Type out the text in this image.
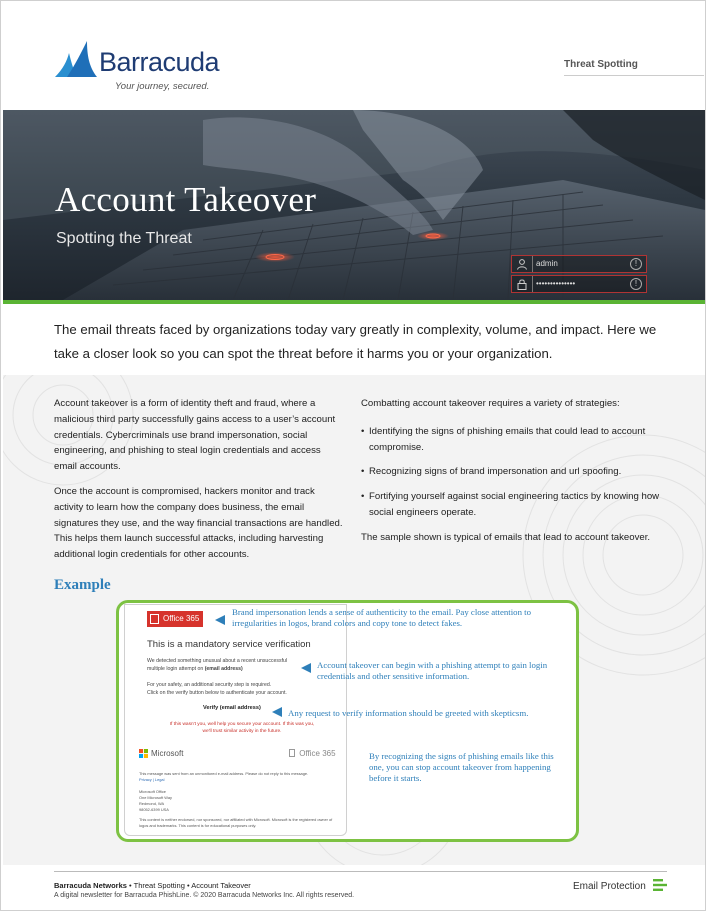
Barracuda
Your journey, secured.
Threat Spotting
Account Takeover
Spotting the Threat
admin	!
••••••••••••••	!
The email threats faced by organizations today vary greatly in complexity, volume, and impact. Here we take a closer look so you can spot the threat before it harms you or your organization.

Account takeover is a form of identity theft and fraud, where a malicious third party successfully gains access to a user’s account credentials. Cybercriminals use brand impersonation, social engineering, and phishing to steal login credentials and access email accounts.

Once the account is compromised, hackers monitor and track activity to learn how the company does business, the email signatures they use, and the way financial transactions are handled. This helps them launch successful attacks, including harvesting additional login credentials for other accounts.

Combatting account takeover requires a variety of strategies:

• Identifying the signs of phishing emails that could lead to account compromise.
• Recognizing signs of brand impersonation and url spoofing.
• Fortifying yourself against social engineering tactics by knowing how social engineers operate.

The sample shown is typical of emails that lead to account takeover.

Example
Office 365
This is a mandatory service verification
We detected something unusual about a recent unsuccessful
multiple login attempt on (email address)
For your safety, an additional security step is required.
Click on the verify button below to authenticate your account.
Verify (email address)
If this wasn't you, well help you secure your account. If this was you,
we'll trust similar activity in the future.
Microsoft	Office 365
This message was sent from an unmonitored e-mail address. Please do not reply to this message.
Privacy | Legal
Microsoft Office
One Microsoft Way
Redmond, WA
98052-6399 USA
This content is neither endorsed, nor sponsored, nor affiliated with Microsoft. Microsoft is the registered owner of logos and trademarks. This content is for educational purposes only.
Brand impersonation lends a sense of authenticity to the email. Pay close attention to irregularities in logos, brand colors and copy tone to detect fakes.
Account takeover can begin with a phishing attempt to gain login credentials and other sensitive information.
Any request to verify information should be greeted with skepticsm.
By recognizing the signs of phishing emails like this one, you can stop account takeover from happening before it starts.
Barracuda Networks • Threat Spotting • Account Takeover
A digital newsletter for Barracuda PhishLine. © 2020 Barracuda Networks Inc. All rights reserved.
Email Protection
